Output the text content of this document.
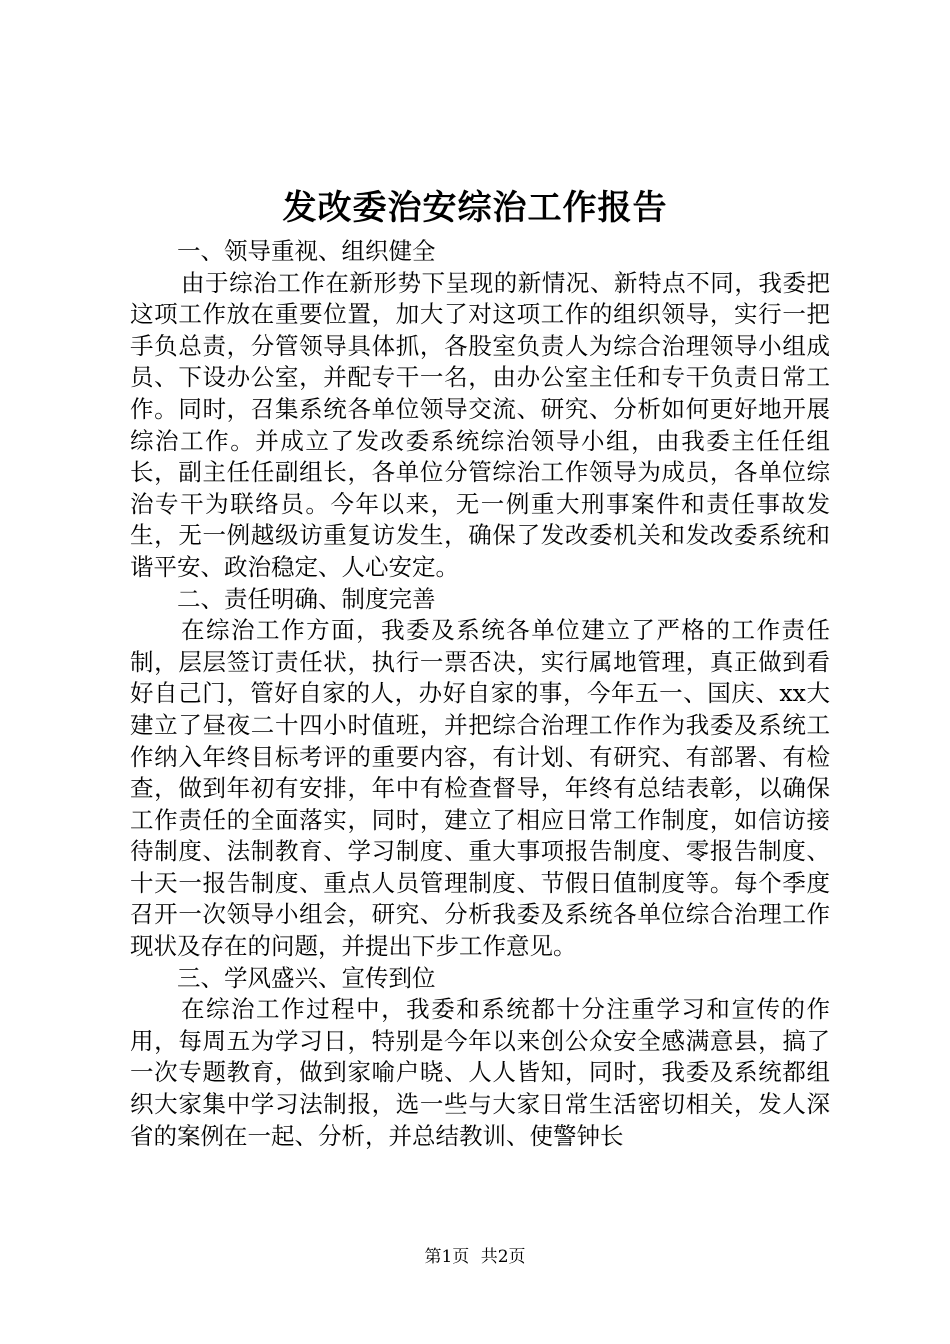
发改委治安综治工作报告

一、领导重视、组织健全

由于综治工作在新形势下呈现的新情况、新特点不同，我委把这项工作放在重要位置，加大了对这项工作的组织领导，实行一把手负总责，分管领导具体抓，各股室负责人为综合治理领导小组成员、下设办公室，并配专干一名，由办公室主任和专干负责日常工作。同时，召集系统各单位领导交流、研究、分析如何更好地开展综治工作。并成立了发改委系统综治领导小组，由我委主任任组长，副主任任副组长，各单位分管综治工作领导为成员，各单位综治专干为联络员。今年以来，无一例重大刑事案件和责任事故发生，无一例越级访重复访发生，确保了发改委机关和发改委系统和谐平安、政治稳定、人心安定。

二、责任明确、制度完善

在综治工作方面，我委及系统各单位建立了严格的工作责任制，层层签订责任状，执行一票否决，实行属地管理，真正做到看好自己门，管好自家的人，办好自家的事，今年五一、国庆、xx大建立了昼夜二十四小时值班，并把综合治理工作作为我委及系统工作纳入年终目标考评的重要内容，有计划、有研究、有部署、有检查，做到年初有安排，年中有检查督导，年终有总结表彰，以确保工作责任的全面落实，同时，建立了相应日常工作制度，如信访接待制度、法制教育、学习制度、重大事项报告制度、零报告制度、十天一报告制度、重点人员管理制度、节假日值制度等。每个季度召开一次领导小组会，研究、分析我委及系统各单位综合治理工作现状及存在的问题，并提出下步工作意见。

三、学风盛兴、宣传到位

在综治工作过程中，我委和系统都十分注重学习和宣传的作用，每周五为学习日，特别是今年以来创公众安全感满意县，搞了一次专题教育，做到家喻户晓、人人皆知，同时，我委及系统都组织大家集中学习法制报，选一些与大家日常生活密切相关，发人深省的案例在一起、分析，并总结教训、使警钟长

第1页 共2页
